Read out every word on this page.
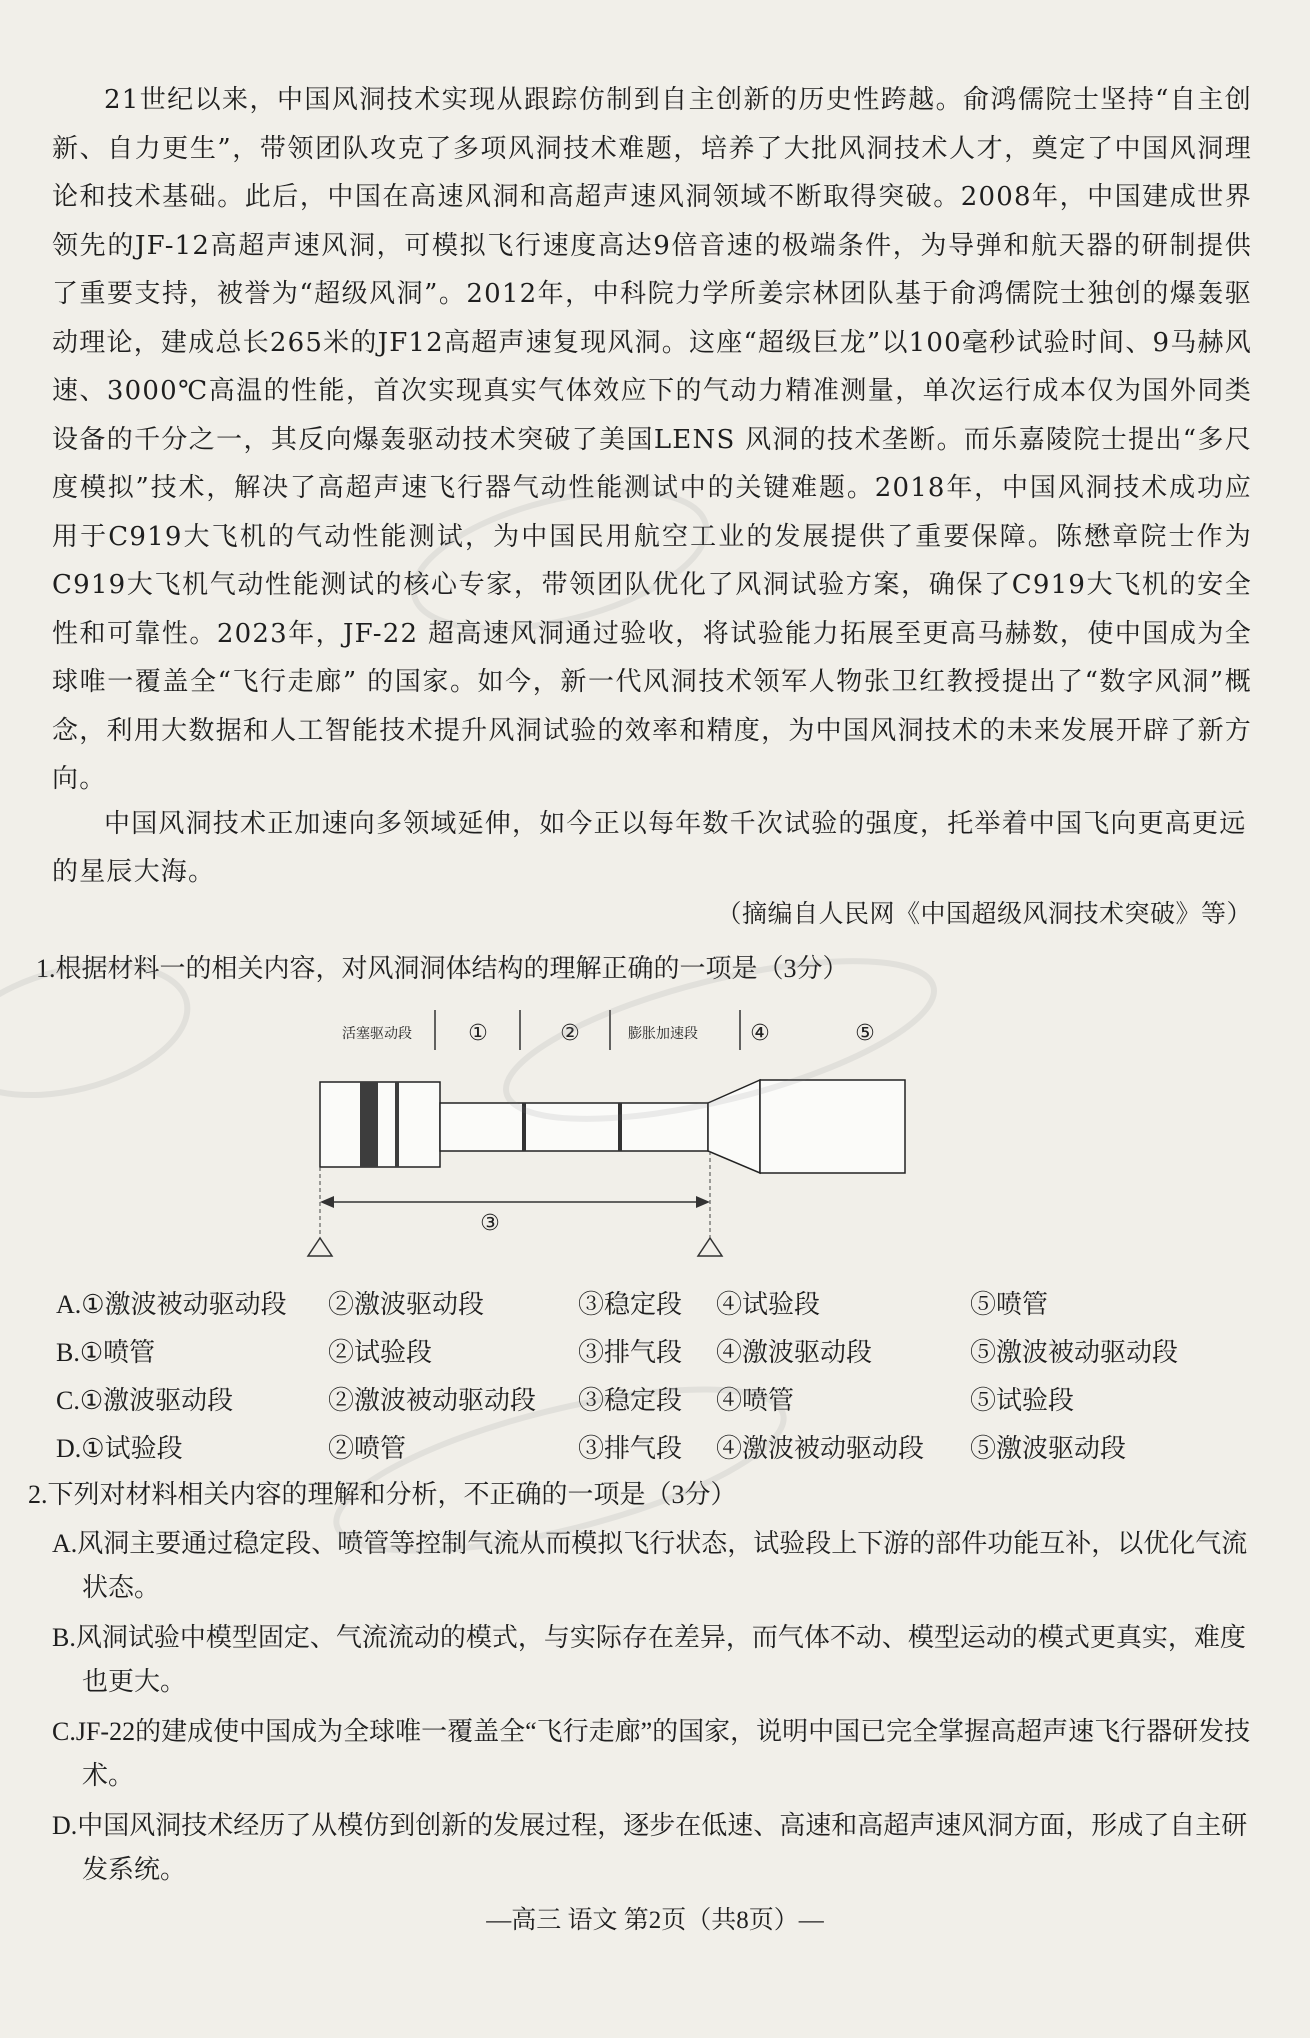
21世纪以来，中国风洞技术实现从跟踪仿制到自主创新的历史性跨越。俞鸿儒院士坚持“自主创新、自力更生”，带领团队攻克了多项风洞技术难题，培养了大批风洞技术人才，奠定了中国风洞理论和技术基础。此后，中国在高速风洞和高超声速风洞领域不断取得突破。2008年，中国建成世界领先的JF-12高超声速风洞，可模拟飞行速度高达9倍音速的极端条件，为导弹和航天器的研制提供了重要支持，被誉为“超级风洞”。2012年，中科院力学所姜宗林团队基于俞鸿儒院士独创的爆轰驱动理论，建成总长265米的JF12高超声速复现风洞。这座“超级巨龙”以100毫秒试验时间、9马赫风速、3000℃高温的性能，首次实现真实气体效应下的气动力精准测量，单次运行成本仅为国外同类设备的千分之一，其反向爆轰驱动技术突破了美国LENS 风洞的技术垄断。而乐嘉陵院士提出“多尺度模拟”技术，解决了高超声速飞行器气动性能测试中的关键难题。2018年，中国风洞技术成功应用于C919大飞机的气动性能测试，为中国民用航空工业的发展提供了重要保障。陈懋章院士作为C919大飞机气动性能测试的核心专家，带领团队优化了风洞试验方案，确保了C919大飞机的安全性和可靠性。2023年，JF-22 超高速风洞通过验收，将试验能力拓展至更高马赫数，使中国成为全球唯一覆盖全“飞行走廊” 的国家。如今，新一代风洞技术领军人物张卫红教授提出了“数字风洞”概念，利用大数据和人工智能技术提升风洞试验的效率和精度，为中国风洞技术的未来发展开辟了新方向。

中国风洞技术正加速向多领域延伸，如今正以每年数千次试验的强度，托举着中国飞向更高更远的星辰大海。

（摘编自人民网《中国超级风洞技术突破》等）

1.根据材料一的相关内容，对风洞洞体结构的理解正确的一项是（3分）
活塞驱动段	①	②	膨胀加速段 ④	⑤
③
A.①激波被动驱动段 ②激波驱动段	③稳定段 ④试验段	⑤喷管
B.①喷管	②试验段	③排气段 ④激波驱动段	⑤激波被动驱动段
C.①激波驱动段	②激波被动驱动段 ③稳定段 ④喷管	⑤试验段
D.①试验段	②喷管	③排气段 ④激波被动驱动段 ⑤激波驱动段
2.下列对材料相关内容的理解和分析，不正确的一项是（3分）
A.风洞主要通过稳定段、喷管等控制气流从而模拟飞行状态，试验段上下游的部件功能互补，以优化气流状态。
B.风洞试验中模型固定、气流流动的模式，与实际存在差异，而气体不动、模型运动的模式更真实，难度也更大。
C.JF-22的建成使中国成为全球唯一覆盖全“飞行走廊”的国家，说明中国已完全掌握高超声速飞行器研发技术。
D.中国风洞技术经历了从模仿到创新的发展过程，逐步在低速、高速和高超声速风洞方面，形成了自主研发系统。
—高三 语文 第2页（共8页）—
